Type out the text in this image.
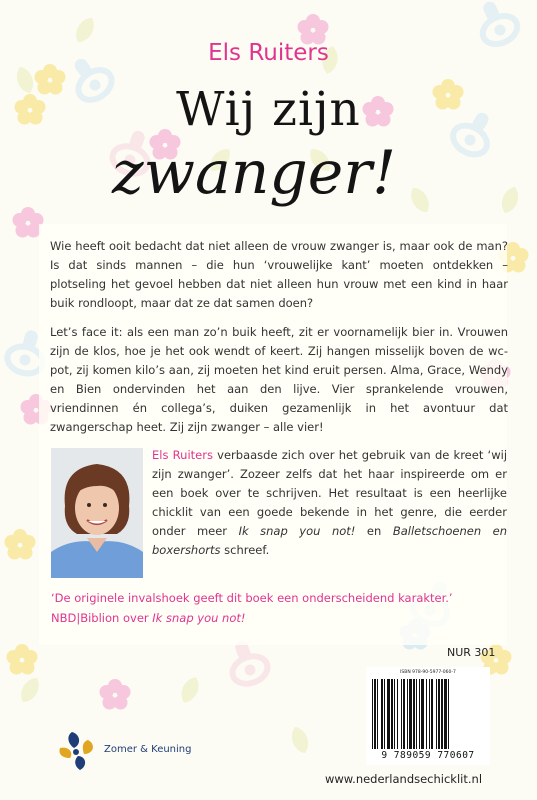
Els Ruiters
Wij zijn
zwanger!

Wie heeft ooit bedacht dat niet alleen de vrouw zwanger is, maar ook de man? Is dat sinds mannen – die hun ‘vrouwelijke kant’ moeten ontdekken – plotseling het gevoel hebben dat niet alleen hun vrouw met een kind in haar buik rondloopt, maar dat ze dat samen doen?

Let’s face it: als een man zo’n buik heeft, zit er voornamelijk bier in. Vrouwen zijn de klos, hoe je het ook wendt of keert. Zij hangen misselijk boven de wc-pot, zij komen kilo’s aan, zij moeten het kind eruit persen. Alma, Grace, Wendy en Bien ondervinden het aan den lijve. Vier sprankelende vrouwen, vriendinnen én collega’s, duiken gezamenlijk in het avontuur dat zwangerschap heet. Zij zijn zwanger – alle vier!

Els Ruiters verbaasde zich over het gebruik van de kreet ‘wij zijn zwanger’. Zozeer zelfs dat het haar inspireerde om er een boek over te schrijven. Het resultaat is een heerlijke chicklit van een goede bekende in het genre, die eerder onder meer Ik snap you not! en Balletschoenen en boxershorts schreef.

‘De originele invalshoek geeft dit boek een onderscheidend karakter.’
NBD|Biblion over Ik snap you not!

NUR 301
ISBN 978-90-5977-060-7
9 789059 770607
Zomer & Keuning
www.nederlandsechicklit.nl
